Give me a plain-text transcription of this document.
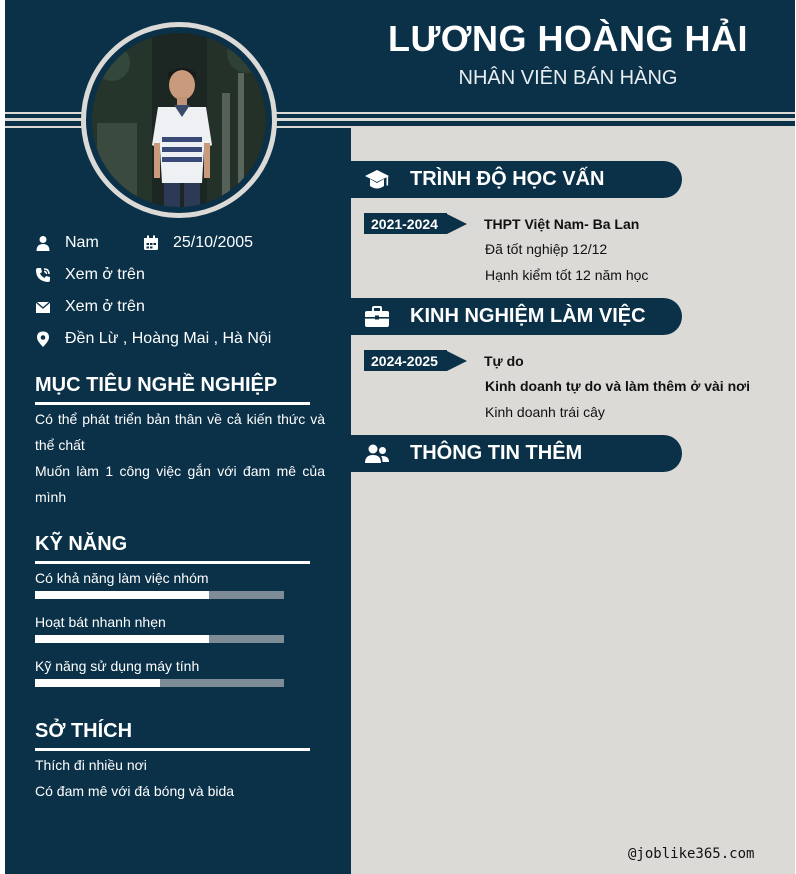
LƯƠNG HOÀNG HẢI
NHÂN VIÊN BÁN HÀNG
Nam	25/10/2005
Xem ở trên
Xem ở trên
Đền Lừ , Hoàng Mai , Hà Nội
MỤC TIÊU NGHỀ NGHIỆP
Có thể phát triển bản thân về cả kiến thức và thể chất
Muốn làm 1 công việc gắn với đam mê của mình
KỸ NĂNG
Có khả năng làm việc nhóm
Hoạt bát nhanh nhẹn
Kỹ năng sử dụng máy tính
SỞ THÍCH
Thích đi nhiều nơi
Có đam mê với đá bóng và bida
TRÌNH ĐỘ HỌC VẤN
2021-2024	THPT Việt Nam- Ba Lan
Đã tốt nghiệp 12/12
Hạnh kiểm tốt 12 năm học
KINH NGHIỆM LÀM VIỆC
2024-2025	Tự do
Kinh doanh tự do và làm thêm ở vài nơi
Kinh doanh trái cây
THÔNG TIN THÊM
@joblike365.com
